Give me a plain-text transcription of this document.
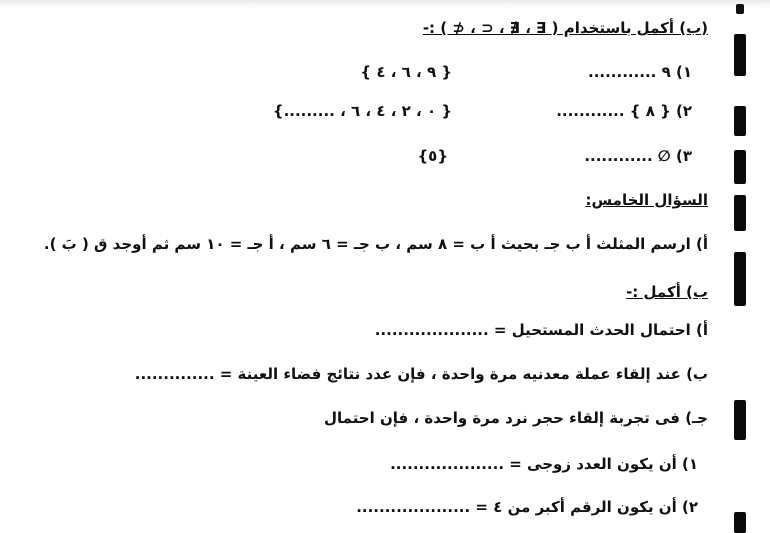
(ب) أكمل باستخدام ( ∃ ، ∄ ، ⊂ ، ⊄ ) :-
١) ٩ ............
{ ٩ ، ٦ ، ٤ }
٢) { ٨ } ............
{ ٠ ، ٢ ، ٤ ، ٦ ، .........}
٣) ∅ ............
{٥}
السؤال الخامس:
أ) ارسم المثلث أ ب جـ بحيث أ ب = ٨ سم ، ب جـ = ٦ سم ، أ جـ = ١٠ سم ثم أوجد ق ( بَ ).
ب) أكمل :-
أ) احتمال الحدث المستحيل = ....................
ب) عند إلقاء عملة معدنيه مرة واحدة ، فإن عدد نتائج فضاء العينة = ..............
جـ) فى تجربة إلقاء حجر نرد مرة واحدة ، فإن احتمال
١) أن يكون العدد زوجى = ....................
٢) أن يكون الرقم أكبر من ٤ = ....................
